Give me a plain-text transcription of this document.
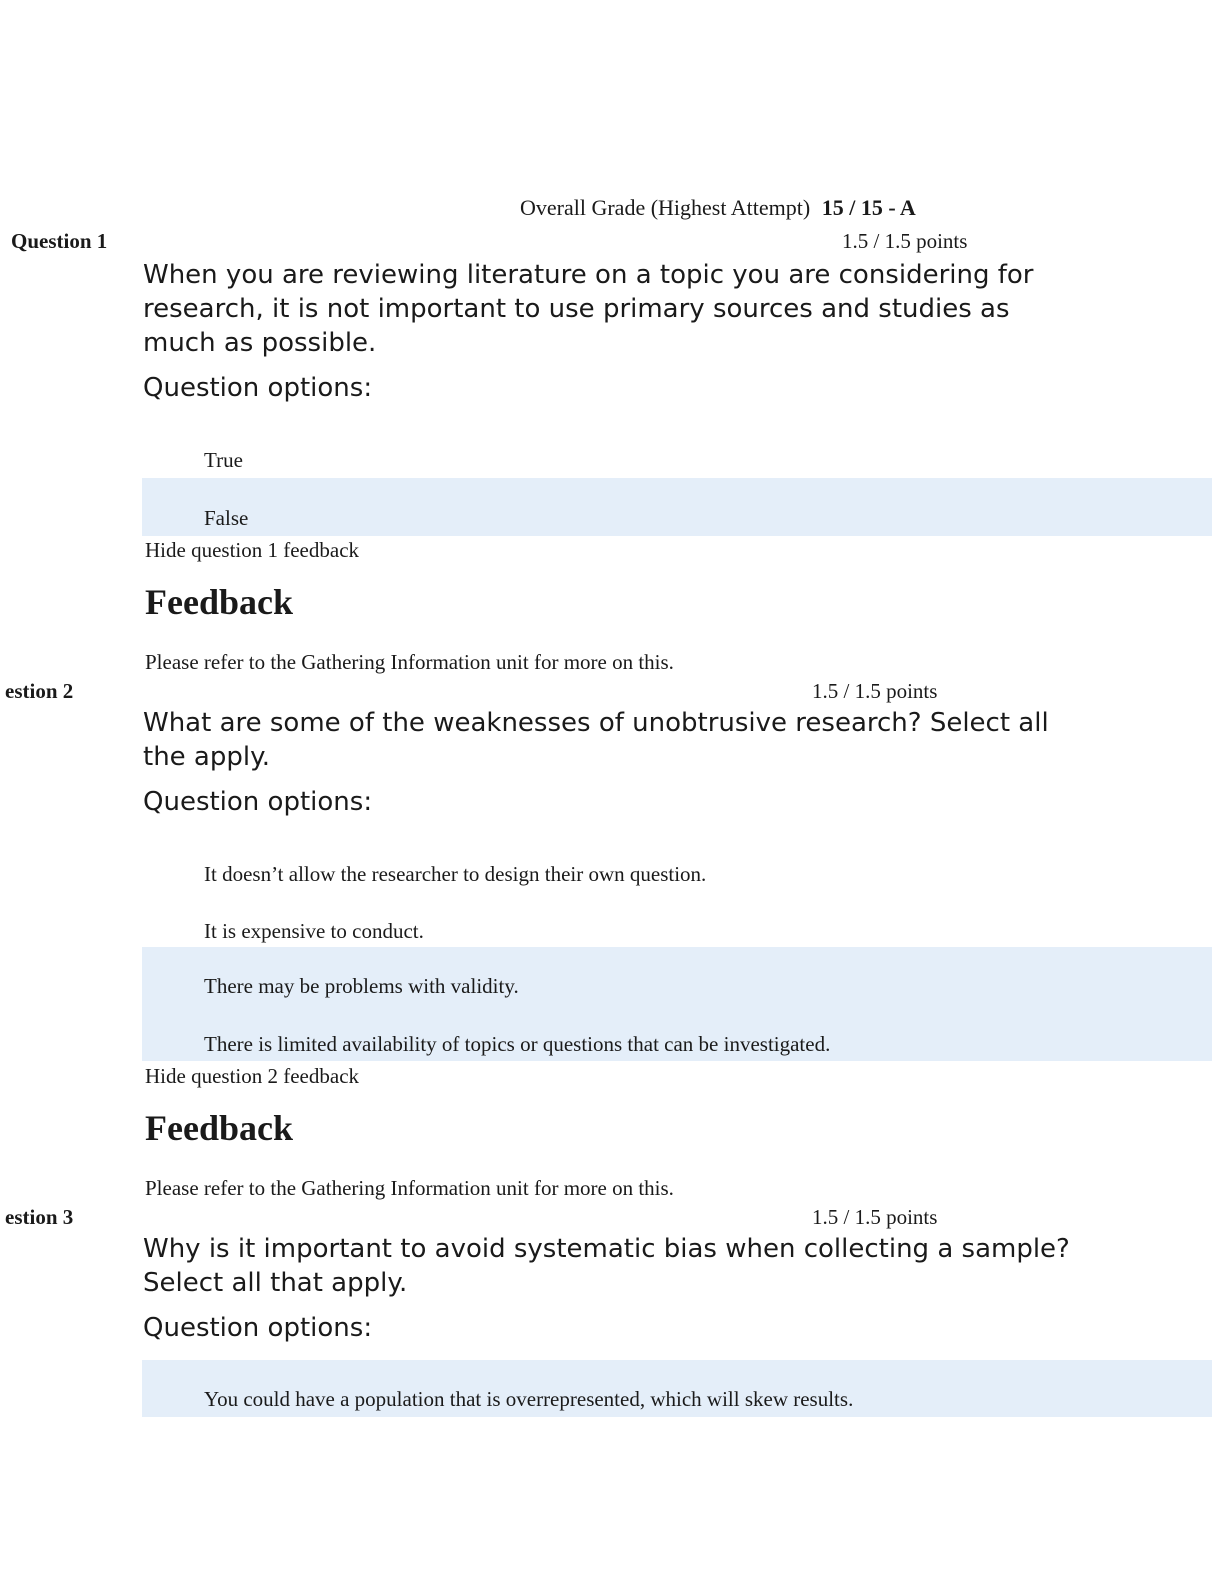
Overall Grade (Highest Attempt) 15 / 15 - A
Question 1	1.5 / 1.5 points
When you are reviewing literature on a topic you are considering for research, it is not important to use primary sources and studies as much as possible.
Question options:
True
False
Hide question 1 feedback
Feedback
Please refer to the Gathering Information unit for more on this.
estion 2	1.5 / 1.5 points
What are some of the weaknesses of unobtrusive research? Select all the apply.
Question options:
It doesn’t allow the researcher to design their own question.
It is expensive to conduct.
There may be problems with validity.
There is limited availability of topics or questions that can be investigated.
Hide question 2 feedback
Feedback
Please refer to the Gathering Information unit for more on this.
estion 3	1.5 / 1.5 points
Why is it important to avoid systematic bias when collecting a sample? Select all that apply.
Question options:
You could have a population that is overrepresented, which will skew results.
